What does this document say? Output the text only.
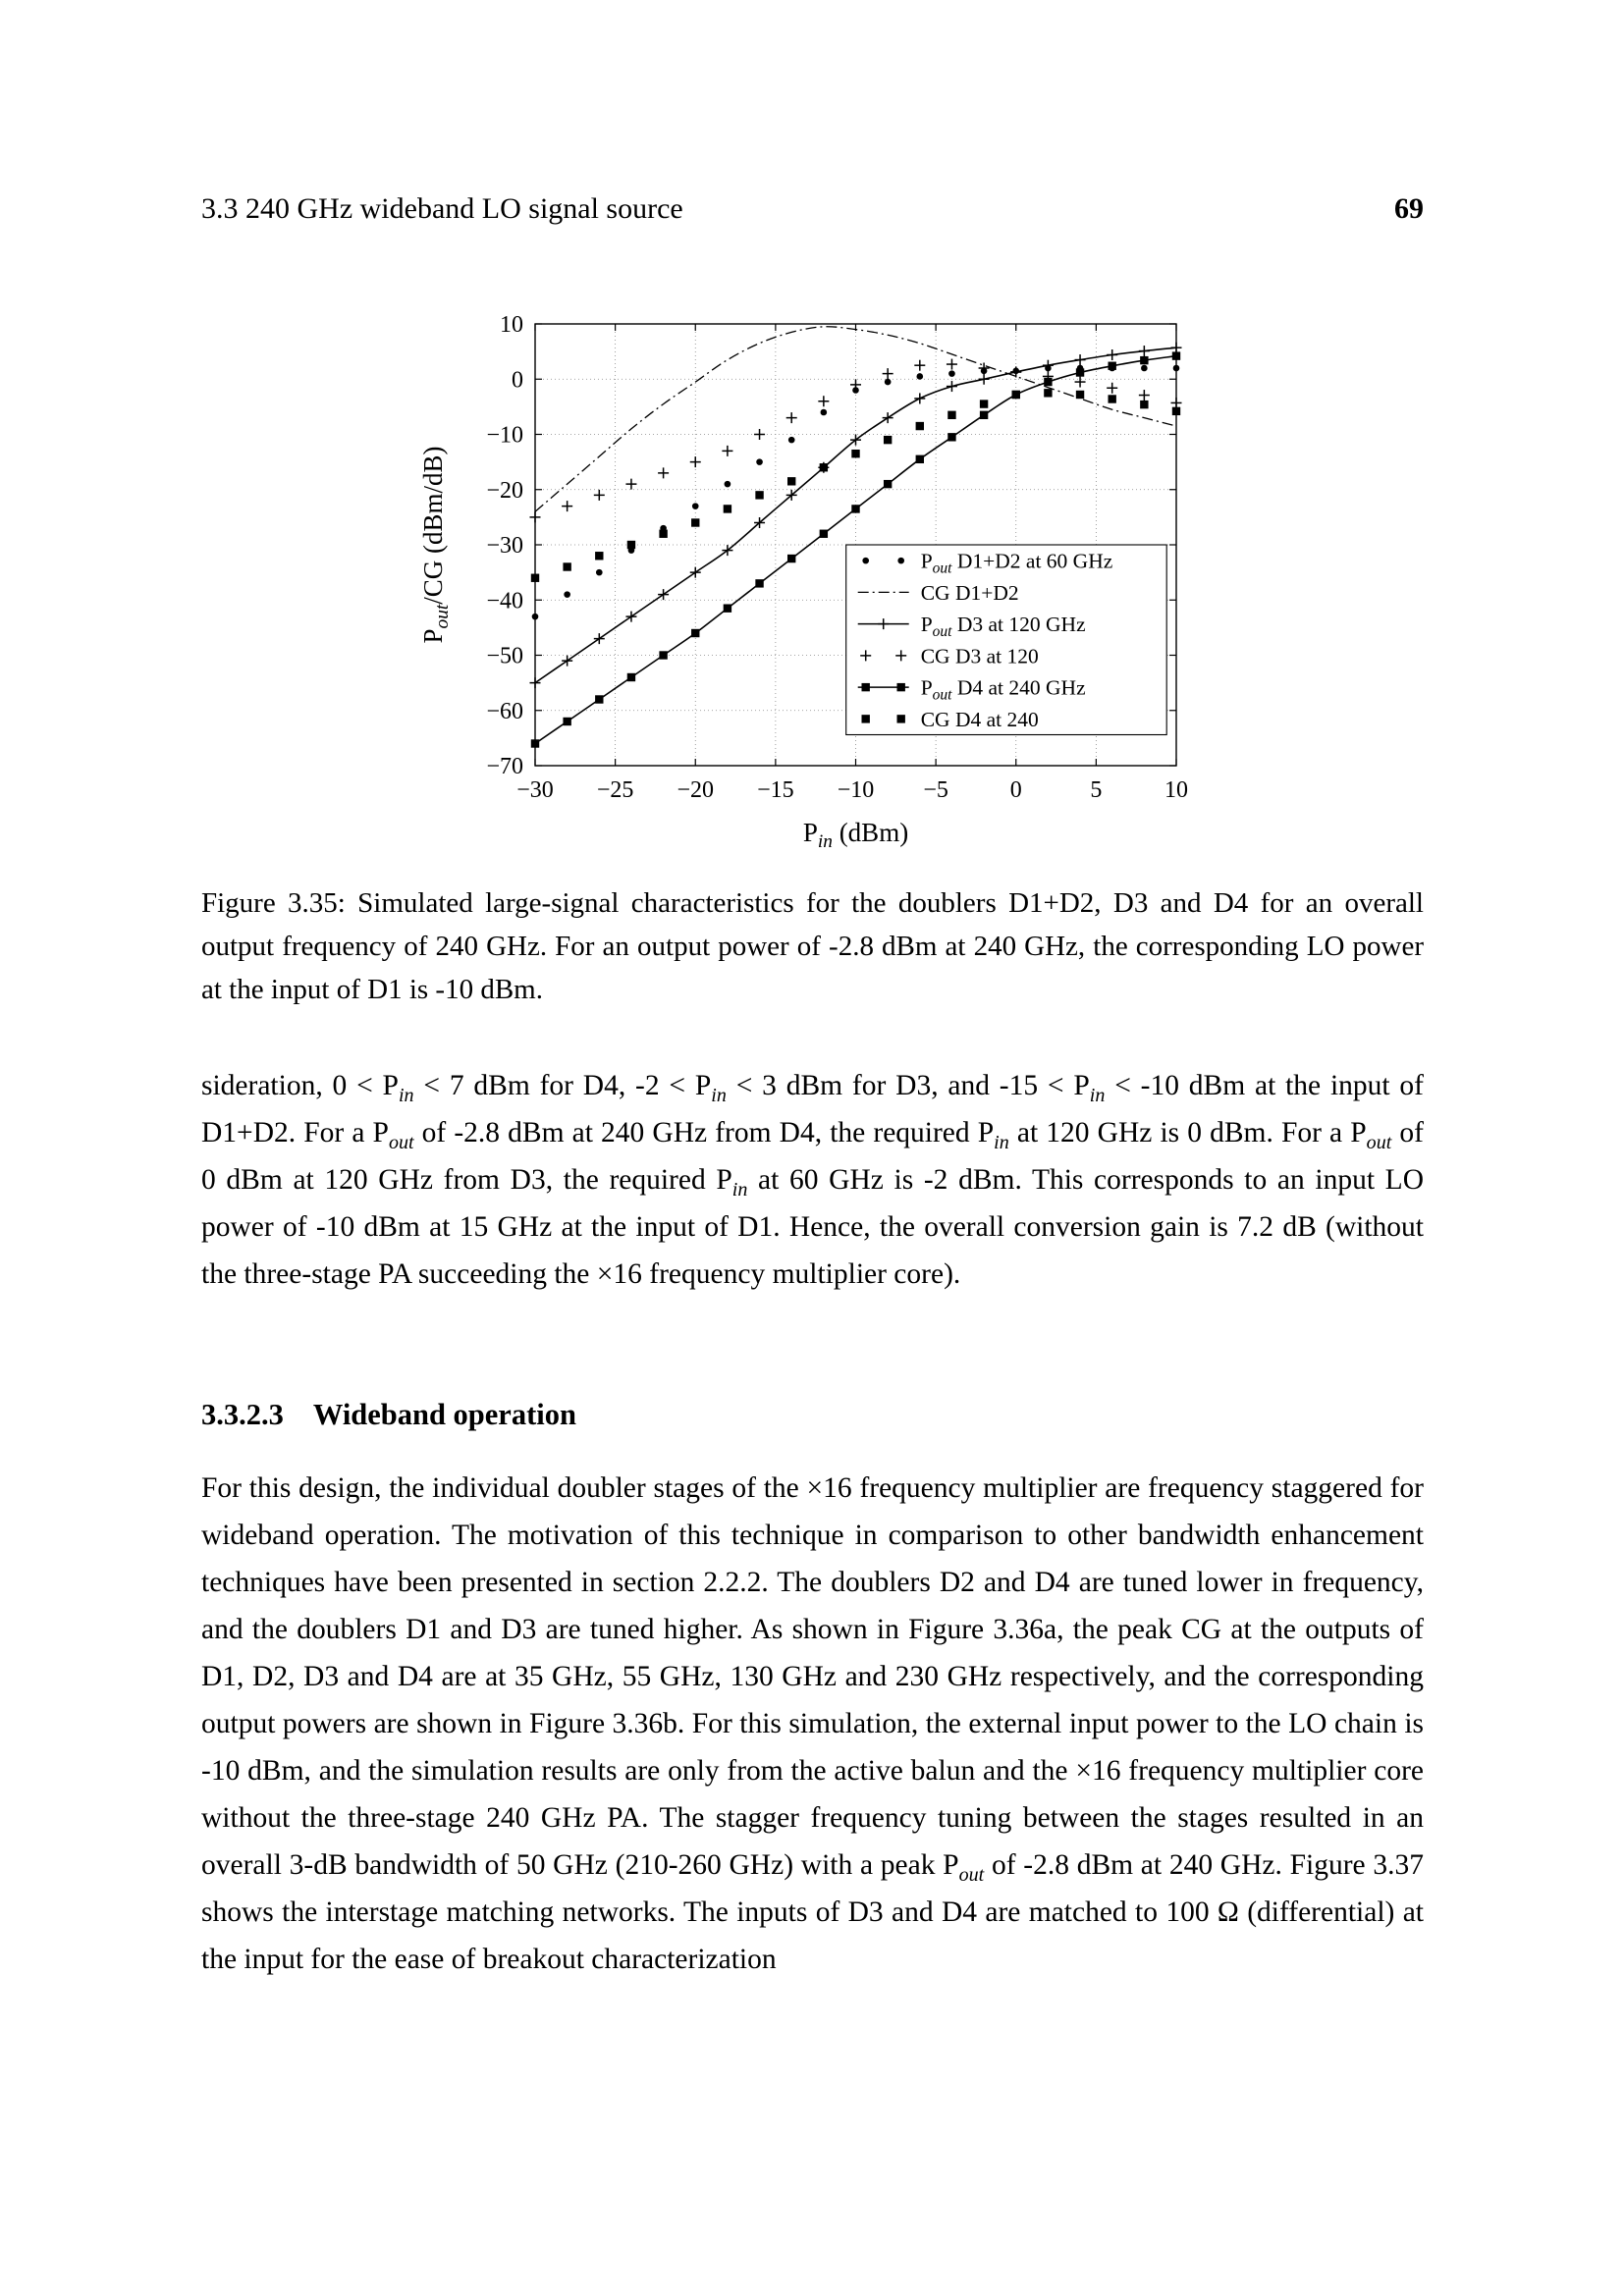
3.3 240 GHz wideband LO signal source	69
−30 −25 −20 −15 −10 −5	0	5	10
−70
−60
−50
−40
−30
−20
−10
0
10
$P_{in}$ (dBm)
$P_{out}/CG$ (dBm/dB)	$P_{out}$ D1+D2 at 60 GHz
CG D1+D2
$P_{out}$ D3 at 120 GHz
CG D3 at 120
$P_{out}$ D4 at 240 GHz
CG D4 at 240

Figure 3.35: Simulated large-signal characteristics for the doublers D1+D2, D3 and D4 for an overall output frequency of 240 GHz. For an output power of -2.8 dBm at 240 GHz, the corresponding LO power at the input of D1 is -10 dBm.

sideration, $0 < P_{in} < 7$ dBm for D4, $-2 < P_{in} < 3$ dBm for D3, and $-15 < P_{in} < -10$ dBm at the input of D1+D2. For a $P_{out}$ of -2.8 dBm at 240 GHz from D4, the required $P_{in}$ at 120 GHz is 0 dBm. For a $P_{out}$ of 0 dBm at 120 GHz from D3, the required $P_{in}$ at 60 GHz is -2 dBm. This corresponds to an input LO power of -10 dBm at 15 GHz at the input of D1. Hence, the overall conversion gain is 7.2 dB (without the three-stage PA succeeding the ×16 frequency multiplier core).

3.3.2.3 Wideband operation

For this design, the individual doubler stages of the ×16 frequency multiplier are frequency staggered for wideband operation. The motivation of this technique in comparison to other bandwidth enhancement techniques have been presented in section 2.2.2. The doublers D2 and D4 are tuned lower in frequency, and the doublers D1 and D3 are tuned higher. As shown in Figure 3.36a, the peak CG at the outputs of D1, D2, D3 and D4 are at 35 GHz, 55 GHz, 130 GHz and 230 GHz respectively, and the corresponding output powers are shown in Figure 3.36b. For this simulation, the external input power to the LO chain is -10 dBm, and the simulation results are only from the active balun and the ×16 frequency multiplier core without the three-stage 240 GHz PA. The stagger frequency tuning between the stages resulted in an overall 3-dB bandwidth of 50 GHz (210-260 GHz) with a peak $P_{out}$ of -2.8 dBm at 240 GHz. Figure 3.37 shows the interstage matching networks. The inputs of D3 and D4 are matched to 100 Ω (differential) at the input for the ease of breakout characterization
